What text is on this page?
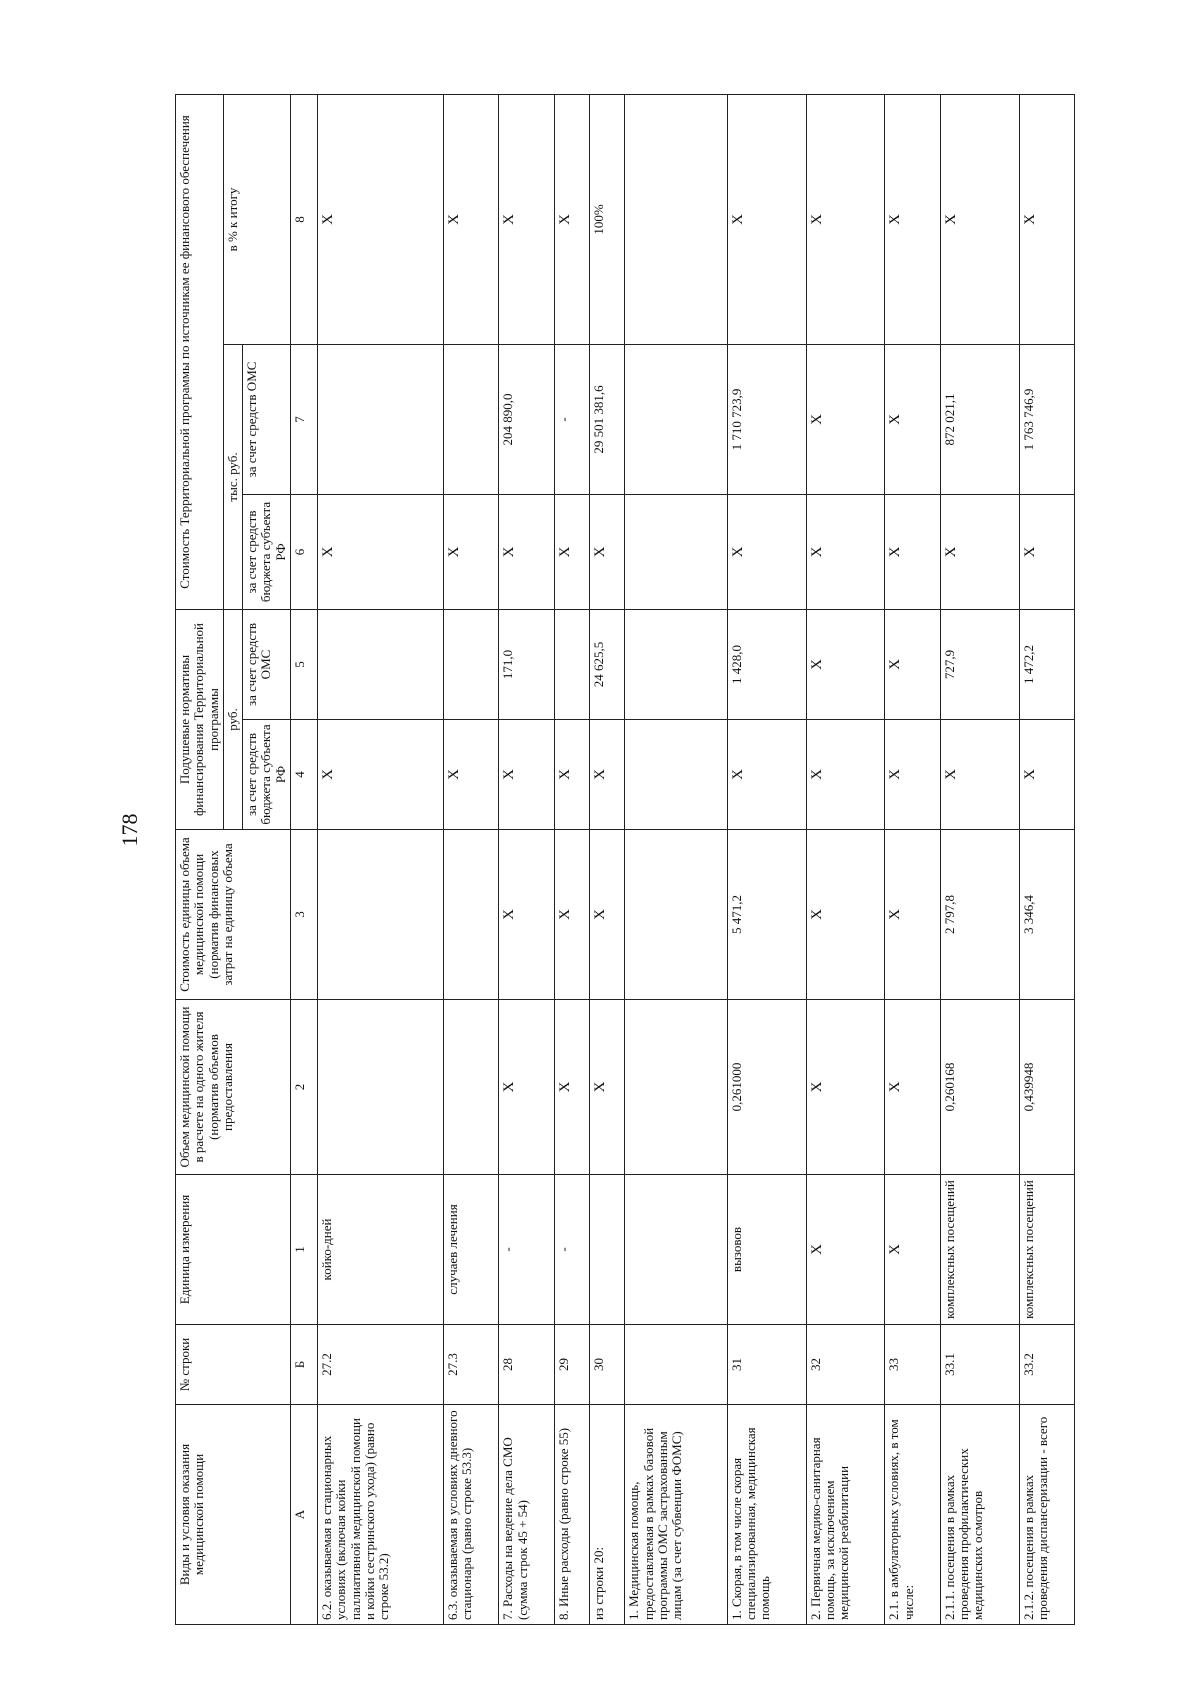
178
Виды и условия оказания медицинской помощи	№ строки	Единица измерения	Объем медицинской помощи в расчете на одного жителя (норматив объемов предоставления	Стоимость единицы объема медицинской помощи (норматив финансовых затрат на единицу объема	Подушевые нормативы финансирования Территориальной программы		Стоимость Территориальной программы по источникам ее финансового обеспечения		
					руб.		тыс. руб.		в % к итогу
					за счет средств бюджета субъекта РФ	за счет средств ОМС	за счет средств бюджета субъекта РФ	за счет средств ОМС	
А	Б	1	2	3	4	5	6	7	8
6.2. оказываемая в стационарных условиях (включая койки паллиативной медицинской помощи и койки сестринского ухода) (равно строке 53.2)	27.2	койко-дней			Х		Х		Х
6.3. оказываемая в условиях дневного стационара (равно строке 53.3)	27.3	случаев лечения			Х		Х		Х
7. Расходы на ведение дела СМО (сумма строк 45 + 54)	28	-	Х	Х	Х	171,0	Х	204 890,0	Х
8. Иные расходы (равно строке 55)	29	-	Х	Х	Х		Х	-	Х
из строки 20:	30		Х	Х	Х	24 625,5	Х	29 501 381,6	100%
1. Медицинская помощь, предоставляемая в рамках базовой программы ОМС застрахованным лицам (за счет субвенции ФОМС)									
1. Скорая, в том числе скорая специализированная, медицинская помощь	31	вызовов	0,261000	5 471,2	Х	1 428,0	Х	1 710 723,9	Х
2. Первичная медико-санитарная помощь, за исключением медицинской реабилитации	32	Х	Х	Х	Х	Х	Х	Х	Х
2.1. в амбулаторных условиях, в том числе:	33	Х	Х	Х	Х	Х	Х	Х	Х
2.1.1. посещения в рамках проведения профилактических медицинских осмотров	33.1	комплексных посещений	0,260168	2 797,8	Х	727,9	Х	872 021,1	Х
2.1.2. посещения в рамках проведения диспансеризации - всего	33.2	комплексных посещений	0,439948	3 346,4	Х	1 472,2	Х	1 763 746,9	Х
